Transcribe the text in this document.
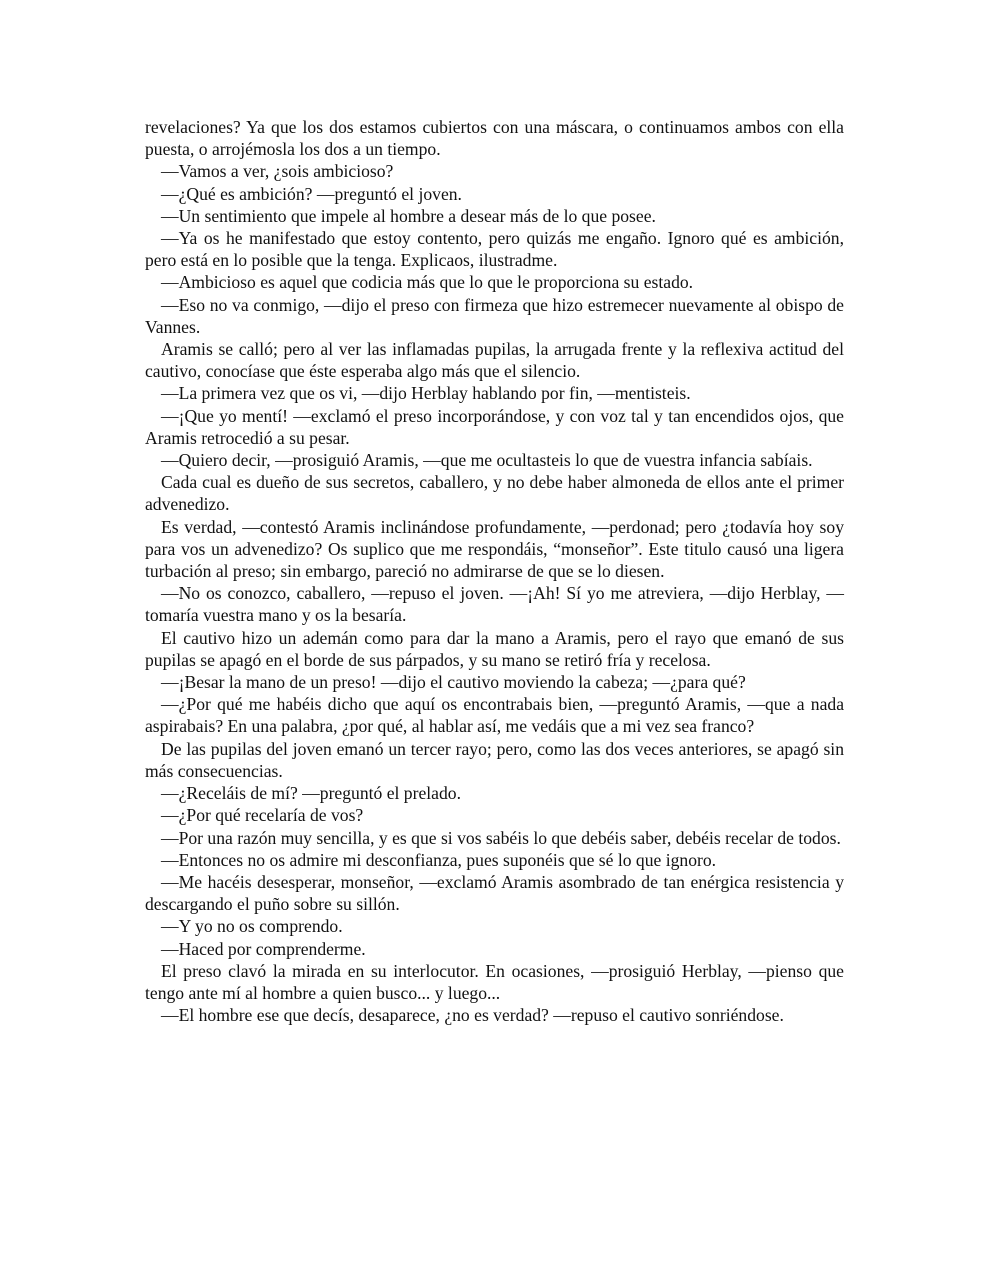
revelaciones? Ya que los dos estamos cubiertos con una máscara, o continuamos ambos con ella puesta, o arrojémosla los dos a un tiempo.

—Vamos a ver, ¿sois ambicioso?

—¿Qué es ambición? —preguntó el joven.

—Un sentimiento que impele al hombre a desear más de lo que posee.

—Ya os he manifestado que estoy contento, pero quizás me engaño. Ignoro qué es ambición, pero está en lo posible que la tenga. Explicaos, ilustradme.

—Ambicioso es aquel que codicia más que lo que le proporciona su estado.

—Eso no va conmigo, —dijo el preso con firmeza que hizo estremecer nuevamente al obispo de Vannes.

Aramis se calló; pero al ver las inflamadas pupilas, la arrugada frente y la reflexiva actitud del cautivo, conocíase que éste esperaba algo más que el silencio.

—La primera vez que os vi, —dijo Herblay hablando por fin, —mentisteis.

—¡Que yo mentí! —exclamó el preso incorporándose, y con voz tal y tan encendidos ojos, que Aramis retrocedió a su pesar.

—Quiero decir, —prosiguió Aramis, —que me ocultasteis lo que de vuestra infancia sabíais.

Cada cual es dueño de sus secretos, caballero, y no debe haber almoneda de ellos ante el primer advenedizo.

Es verdad, —contestó Aramis inclinándose profundamente, —perdonad; pero ¿todavía hoy soy para vos un advenedizo? Os suplico que me respondáis, “monseñor”. Este titulo causó una ligera turbación al preso; sin embargo, pareció no admirarse de que se lo diesen.

—No os conozco, caballero, —repuso el joven. —¡Ah! Sí yo me atreviera, —dijo Herblay, —tomaría vuestra mano y os la besaría.

El cautivo hizo un ademán como para dar la mano a Aramis, pero el rayo que emanó de sus pupilas se apagó en el borde de sus párpados, y su mano se retiró fría y recelosa.

—¡Besar la mano de un preso! —dijo el cautivo moviendo la cabeza; —¿para qué?

—¿Por qué me habéis dicho que aquí os encontrabais bien, —preguntó Aramis, —que a nada aspirabais? En una palabra, ¿por qué, al hablar así, me vedáis que a mi vez sea franco?

De las pupilas del joven emanó un tercer rayo; pero, como las dos veces anteriores, se apagó sin más consecuencias.

—¿Receláis de mí? —preguntó el prelado.

—¿Por qué recelaría de vos?

—Por una razón muy sencilla, y es que si vos sabéis lo que debéis saber, debéis recelar de todos.

—Entonces no os admire mi desconfianza, pues suponéis que sé lo que ignoro.

—Me hacéis desesperar, monseñor, —exclamó Aramis asombrado de tan enérgica resistencia y descargando el puño sobre su sillón.

—Y yo no os comprendo.

—Haced por comprenderme.

El preso clavó la mirada en su interlocutor. En ocasiones, —prosiguió Herblay, —pienso que tengo ante mí al hombre a quien busco... y luego...

—El hombre ese que decís, desaparece, ¿no es verdad? —repuso el cautivo sonriéndose.
